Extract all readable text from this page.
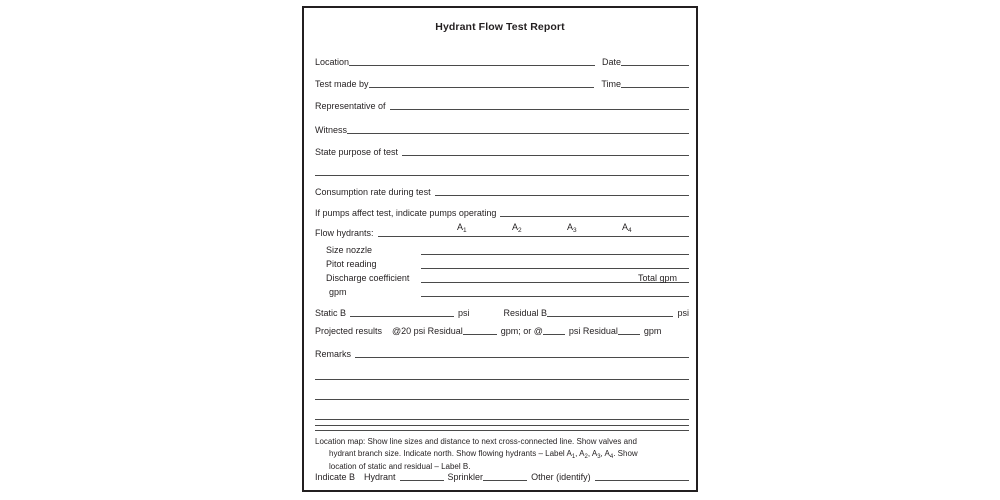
Hydrant Flow Test Report
Location	Date
Test made by	Time
Representative of
Witness
State purpose of test
Consumption rate during test
If pumps affect test, indicate pumps operating
$A_1$	$A_2$	$A_3$	$A_4$
Flow hydrants:
Size nozzle
Pitot reading
Discharge coefficient	Total gpm
gpm
Static B	psi	Residual B	psi
Projected results @20 psi Residual	gpm; or @	psi Residual	gpm
Remarks
Location map: Show line sizes and distance to next cross-connected line. Show valves and
hydrant branch size. Indicate north. Show flowing hydrants – Label $A_1$, $A_2$, $A_3$, $A_4$. Show
location of static and residual – Label B.
Indicate B Hydrant	Sprinkler	Other (identify)
